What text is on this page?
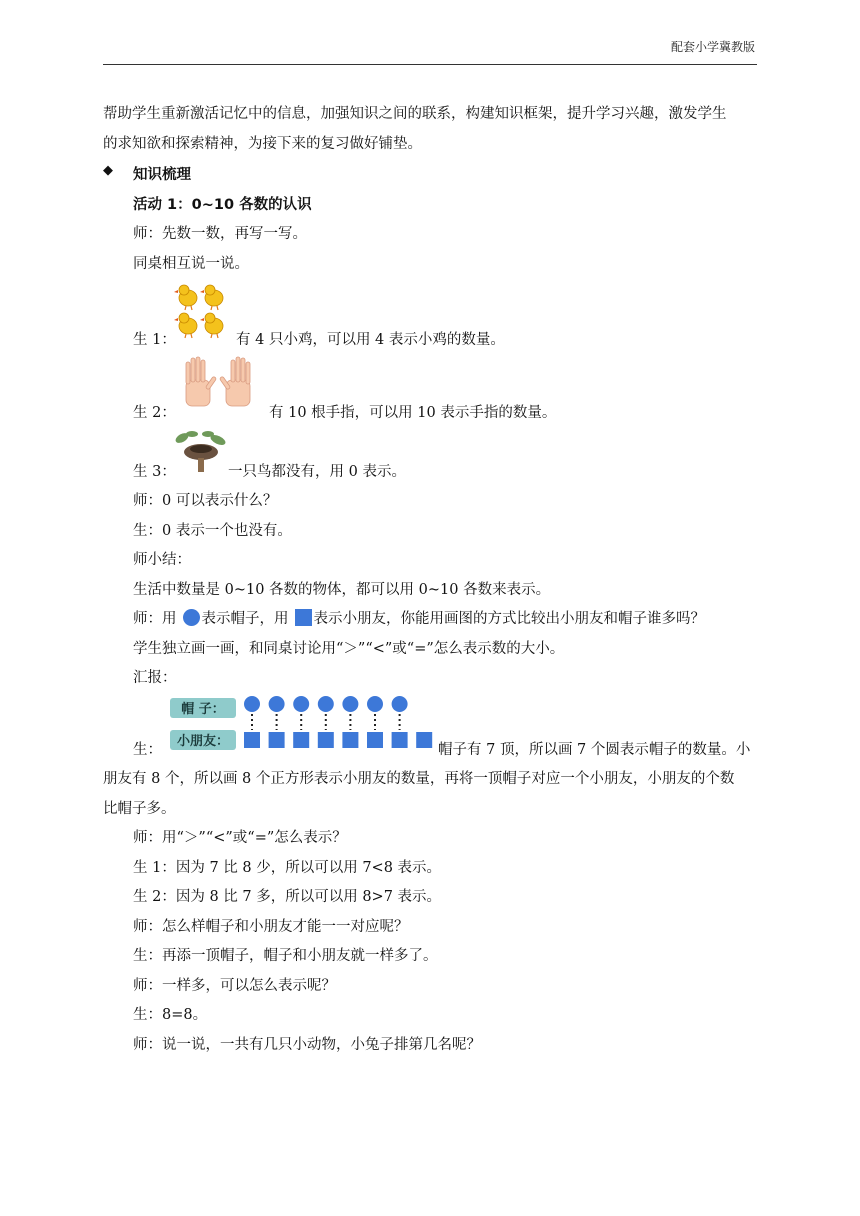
配套小学冀教版
帮助学生重新激活记忆中的信息，加强知识之间的联系，构建知识框架，提升学习兴趣，激发学生
的求知欲和探索精神，为接下来的复习做好铺垫。
◆ 知识梳理
活动 1：0~10 各数的认识
师：先数一数，再写一写。
同桌相互说一说。
生 1：	有 4 只小鸡，可以用 4 表示小鸡的数量。
生 2：	有 10 根手指，可以用 10 表示手指的数量。
生 3：	一只鸟都没有，用 0 表示。
师：0 可以表示什么？
生：0 表示一个也没有。
师小结：
生活中数量是 0~10 各数的物体，都可以用 0~10 各数来表示。
师：用 表示帽子，用 表示小朋友，你能用画图的方式比较出小朋友和帽子谁多吗？
学生独立画一画，和同桌讨论用“＞”“<”或“=”怎么表示数的大小。
汇报：
生：
帽 子：
小朋友：
帽子有 7 顶，所以画 7 个圆表示帽子的数量。小
朋友有 8 个，所以画 8 个正方形表示小朋友的数量，再将一顶帽子对应一个小朋友，小朋友的个数
比帽子多。
师：用“＞”“<”或“=”怎么表示？
生 1：因为 7 比 8 少，所以可以用 7<8 表示。
生 2：因为 8 比 7 多，所以可以用 8>7 表示。
师：怎么样帽子和小朋友才能一一对应呢？
生：再添一顶帽子，帽子和小朋友就一样多了。
师：一样多，可以怎么表示呢？
生：8=8。
师：说一说，一共有几只小动物，小兔子排第几名呢？
